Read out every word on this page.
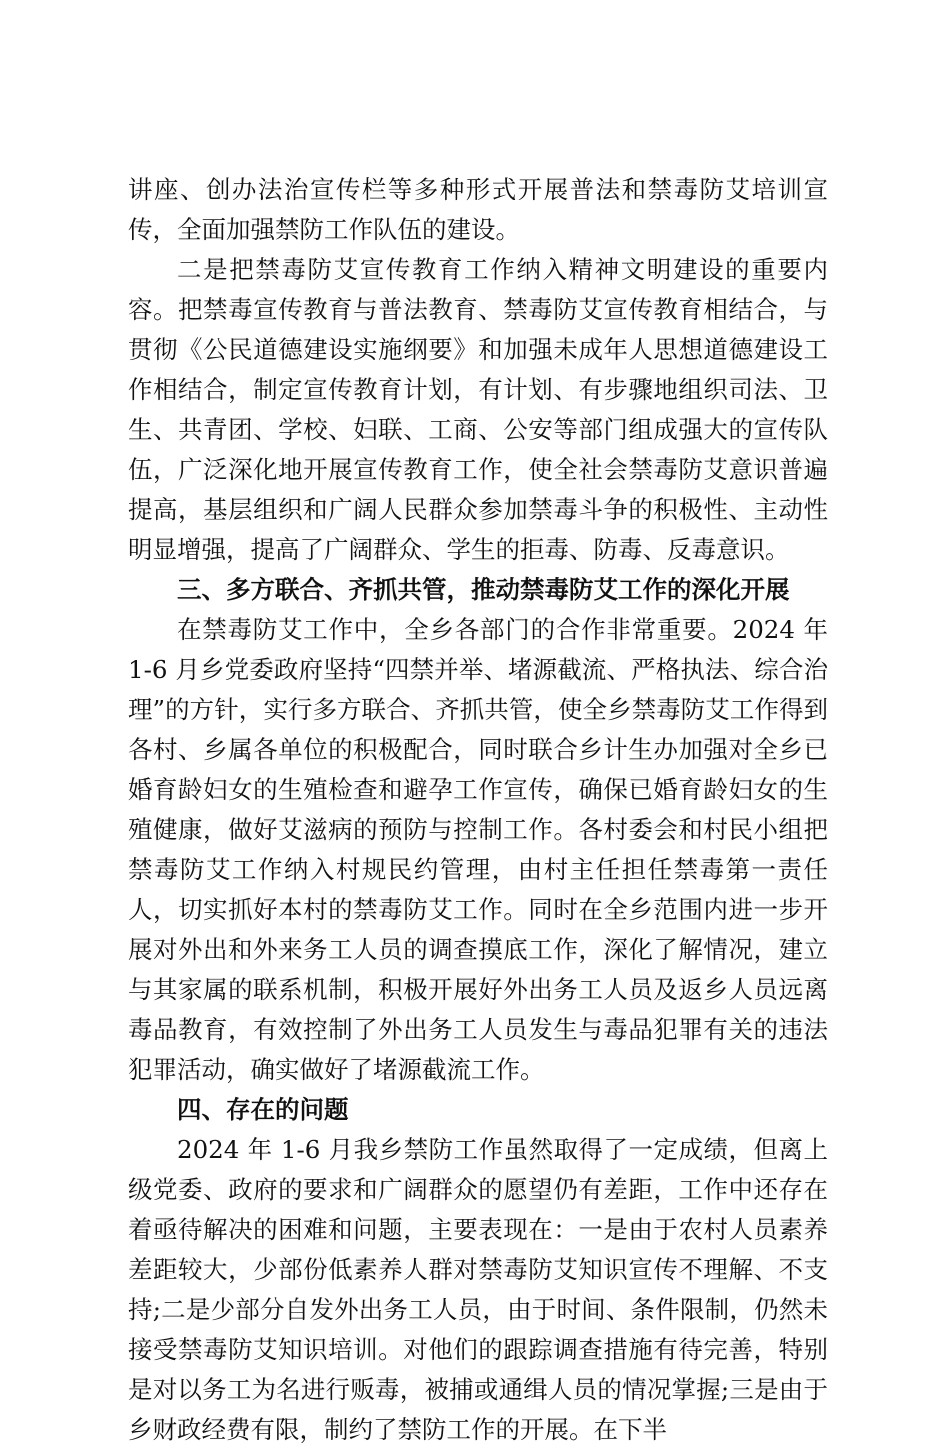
讲座、创办法治宣传栏等多种形式开展普法和禁毒防艾培训宣传，全面加强禁防工作队伍的建设。

二是把禁毒防艾宣传教育工作纳入精神文明建设的重要内容。把禁毒宣传教育与普法教育、禁毒防艾宣传教育相结合，与贯彻《公民道德建设实施纲要》和加强未成年人思想道德建设工作相结合，制定宣传教育计划，有计划、有步骤地组织司法、卫生、共青团、学校、妇联、工商、公安等部门组成强大的宣传队伍，广泛深化地开展宣传教育工作，使全社会禁毒防艾意识普遍提高，基层组织和广阔人民群众参加禁毒斗争的积极性、主动性明显增强，提高了广阔群众、学生的拒毒、防毒、反毒意识。

三、多方联合、齐抓共管，推动禁毒防艾工作的深化开展

在禁毒防艾工作中，全乡各部门的合作非常重要。2024 年 1-6 月乡党委政府坚持“四禁并举、堵源截流、严格执法、综合治理”的方针，实行多方联合、齐抓共管，使全乡禁毒防艾工作得到各村、乡属各单位的积极配合，同时联合乡计生办加强对全乡已婚育龄妇女的生殖检查和避孕工作宣传，确保已婚育龄妇女的生殖健康，做好艾滋病的预防与控制工作。各村委会和村民小组把禁毒防艾工作纳入村规民约管理，由村主任担任禁毒第一责任人，切实抓好本村的禁毒防艾工作。同时在全乡范围内进一步开展对外出和外来务工人员的调查摸底工作，深化了解情况，建立与其家属的联系机制，积极开展好外出务工人员及返乡人员远离毒品教育，有效控制了外出务工人员发生与毒品犯罪有关的违法犯罪活动，确实做好了堵源截流工作。

四、存在的问题

2024 年 1-6 月我乡禁防工作虽然取得了一定成绩，但离上级党委、政府的要求和广阔群众的愿望仍有差距，工作中还存在着亟待解决的困难和问题，主要表现在：一是由于农村人员素养差距较大，少部份低素养人群对禁毒防艾知识宣传不理解、不支持;二是少部分自发外出务工人员，由于时间、条件限制，仍然未接受禁毒防艾知识培训。对他们的跟踪调查措施有待完善，特别是对以务工为名进行贩毒，被捕或通缉人员的情况掌握;三是由于乡财政经费有限，制约了禁防工作的开展。在下半
